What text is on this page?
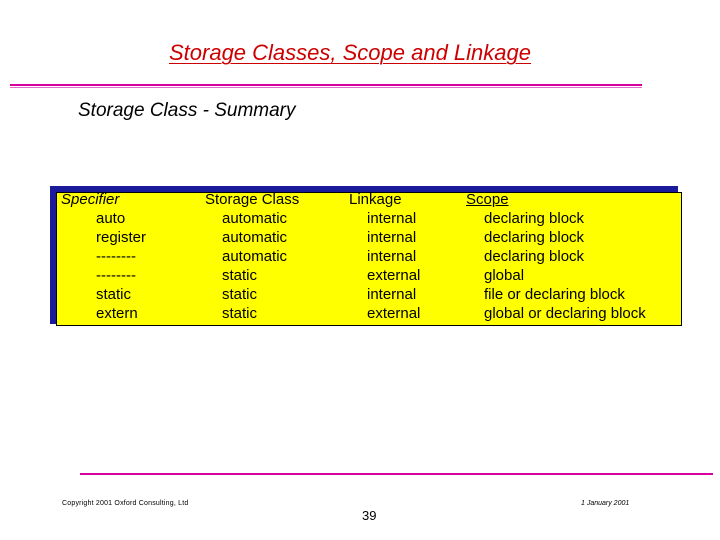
Storage Classes, Scope and Linkage
Storage Class - Summary
Specifier
auto
register
--------
--------
static
extern
Storage Class
automatic
automatic
automatic
static
static
static
Linkage
internal
internal
internal
external
internal
external
Scope
declaring block
declaring block
declaring block
global
file or declaring block
global or declaring block
Copyright 2001 Oxford Consulting, Ltd
39
1 January 2001
